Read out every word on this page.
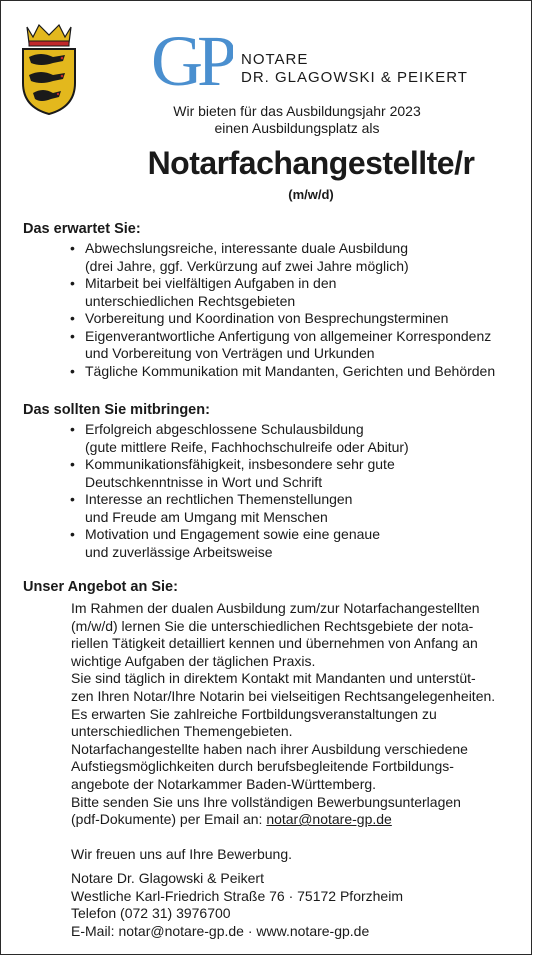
GP NOTARE
DR. GLAGOWSKI & PEIKERT
Wir bieten für das Ausbildungsjahr 2023
einen Ausbildungsplatz als
Notarfachangestellte/r
(m/w/d)
Das erwartet Sie:
• Abwechslungsreiche, interessante duale Ausbildung
(drei Jahre, ggf. Verkürzung auf zwei Jahre möglich)
• Mitarbeit bei vielfältigen Aufgaben in den
unterschiedlichen Rechtsgebieten
• Vorbereitung und Koordination von Besprechungsterminen
• Eigenverantwortliche Anfertigung von allgemeiner Korrespondenz
und Vorbereitung von Verträgen und Urkunden
• Tägliche Kommunikation mit Mandanten, Gerichten und Behörden
Das sollten Sie mitbringen:
• Erfolgreich abgeschlossene Schulausbildung
(gute mittlere Reife, Fachhochschulreife oder Abitur)
• Kommunikationsfähigkeit, insbesondere sehr gute
Deutschkenntnisse in Wort und Schrift
• Interesse an rechtlichen Themenstellungen
und Freude am Umgang mit Menschen
• Motivation und Engagement sowie eine genaue
und zuverlässige Arbeitsweise
Unser Angebot an Sie:

Im Rahmen der dualen Ausbildung zum/zur Notarfachangestellten
(m/w/d) lernen Sie die unterschiedlichen Rechtsgebiete der nota-
riellen Tätigkeit detailliert kennen und übernehmen von Anfang an
wichtige Aufgaben der täglichen Praxis.

Sie sind täglich in direktem Kontakt mit Mandanten und unterstüt-
zen Ihren Notar/Ihre Notarin bei vielseitigen Rechtsangelegenheiten.

Es erwarten Sie zahlreiche Fortbildungsveranstaltungen zu
unterschiedlichen Themengebieten.

Notarfachangestellte haben nach ihrer Ausbildung verschiedene
Aufstiegsmöglichkeiten durch berufsbegleitende Fortbildungs-
angebote der Notarkammer Baden-Württemberg.

Bitte senden Sie uns Ihre vollständigen Bewerbungsunterlagen
(pdf-Dokumente) per Email an: notar@notare-gp.de

Wir freuen uns auf Ihre Bewerbung.

Notare Dr. Glagowski & Peikert
Westliche Karl-Friedrich Straße 76 · 75172 Pforzheim
Telefon (072 31) 3976700
E-Mail: notar@notare-gp.de · www.notare-gp.de
